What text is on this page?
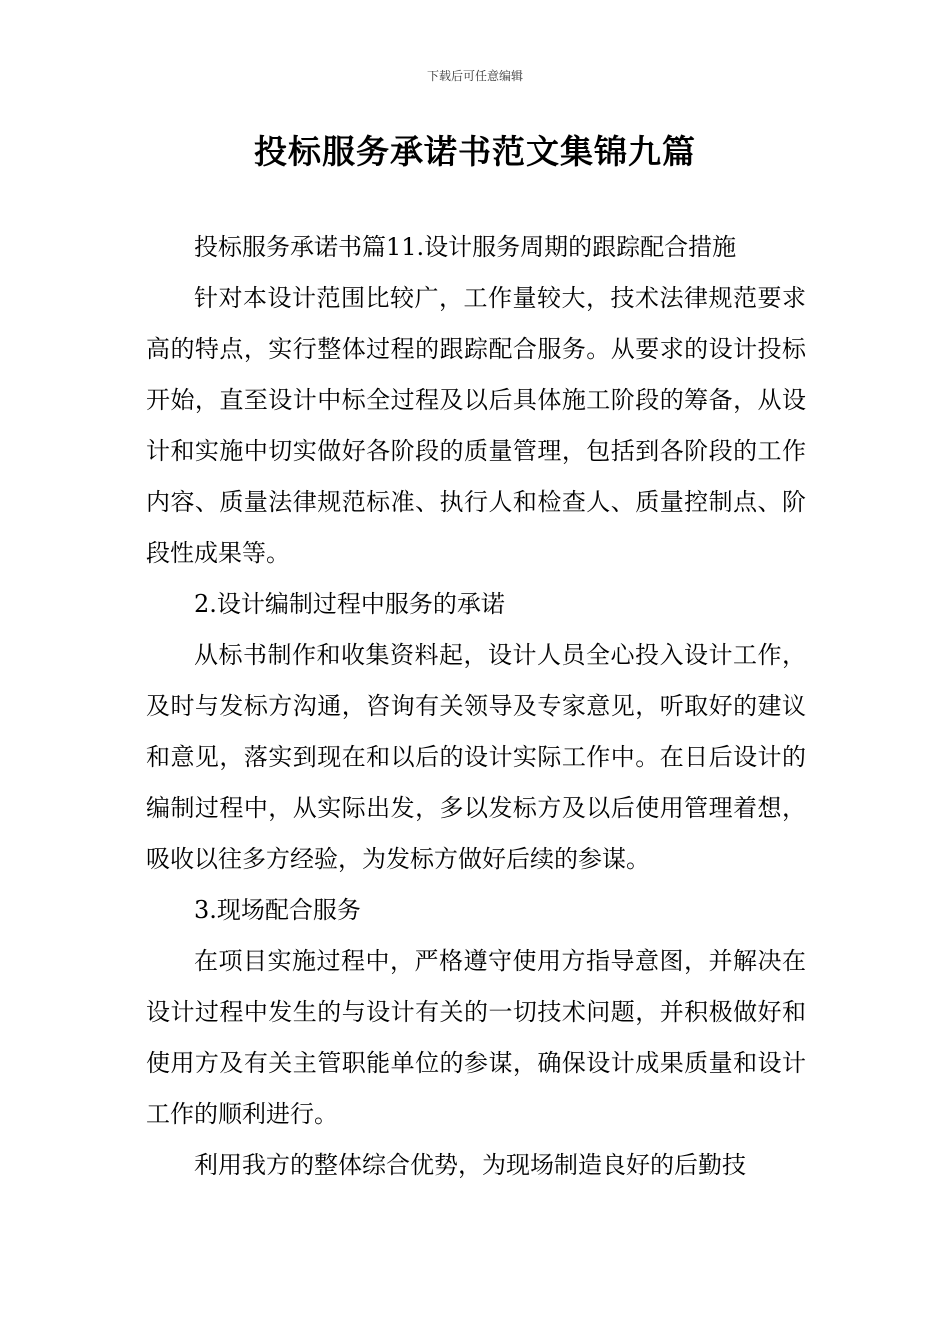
下载后可任意编辑
投标服务承诺书范文集锦九篇

投标服务承诺书篇11.设计服务周期的跟踪配合措施

针对本设计范围比较广，工作量较大，技术法律规范要求高的特点，实行整体过程的跟踪配合服务。从要求的设计投标开始，直至设计中标全过程及以后具体施工阶段的筹备，从设计和实施中切实做好各阶段的质量管理，包括到各阶段的工作内容、质量法律规范标准、执行人和检查人、质量控制点、阶段性成果等。

2.设计编制过程中服务的承诺

从标书制作和收集资料起，设计人员全心投入设计工作，及时与发标方沟通，咨询有关领导及专家意见，听取好的建议和意见，落实到现在和以后的设计实际工作中。在日后设计的编制过程中，从实际出发，多以发标方及以后使用管理着想，吸收以往多方经验，为发标方做好后续的参谋。

3.现场配合服务

在项目实施过程中，严格遵守使用方指导意图，并解决在设计过程中发生的与设计有关的一切技术问题，并积极做好和使用方及有关主管职能单位的参谋，确保设计成果质量和设计工作的顺利进行。

利用我方的整体综合优势，为现场制造良好的后勤技
